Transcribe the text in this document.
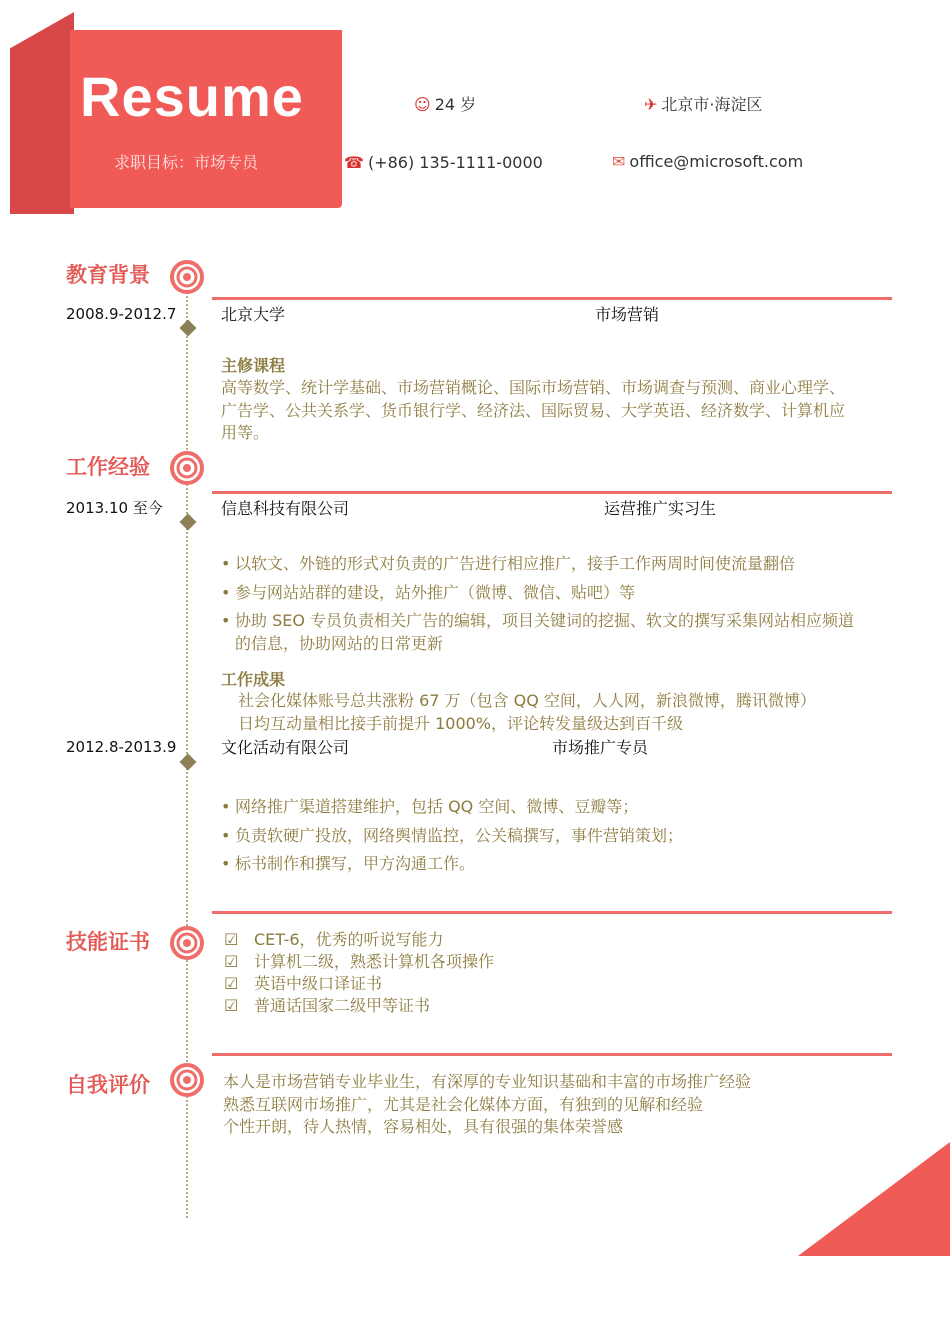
Resume
求职目标：市场专员
☺ 24 岁	✈ 北京市·海淀区
☎ (+86) 135-1111-0000	✉ office@microsoft.com
教育背景
2008.9-2012.7	北京大学	市场营销
主修课程
高等数学、统计学基础、市场营销概论、国际市场营销、市场调查与预测、商业心理学、
广告学、公共关系学、货币银行学、经济法、国际贸易、大学英语、经济数学、计算机应
用等。
工作经验
2013.10 至今	信息科技有限公司	运营推广实习生
• 以软文、外链的形式对负责的广告进行相应推广，接手工作两周时间使流量翻倍
• 参与网站站群的建设，站外推广（微博、微信、贴吧）等
• 协助 SEO 专员负责相关广告的编辑，项目关键词的挖掘、软文的撰写采集网站相应频道
的信息，协助网站的日常更新
工作成果
社会化媒体账号总共涨粉 67 万（包含 QQ 空间，人人网，新浪微博，腾讯微博）
日均互动量相比接手前提升 1000%，评论转发量级达到百千级
2012.8-2013.9	文化活动有限公司	市场推广专员
• 网络推广渠道搭建维护，包括 QQ 空间、微博、豆瓣等；
• 负责软硬广投放，网络舆情监控，公关稿撰写，事件营销策划；
• 标书制作和撰写，甲方沟通工作。
技能证书	☑ CET-6，优秀的听说写能力
☑ 计算机二级，熟悉计算机各项操作
☑ 英语中级口译证书
☑ 普通话国家二级甲等证书
自我评价	本人是市场营销专业毕业生，有深厚的专业知识基础和丰富的市场推广经验
熟悉互联网市场推广，尤其是社会化媒体方面，有独到的见解和经验
个性开朗，待人热情，容易相处，具有很强的集体荣誉感
